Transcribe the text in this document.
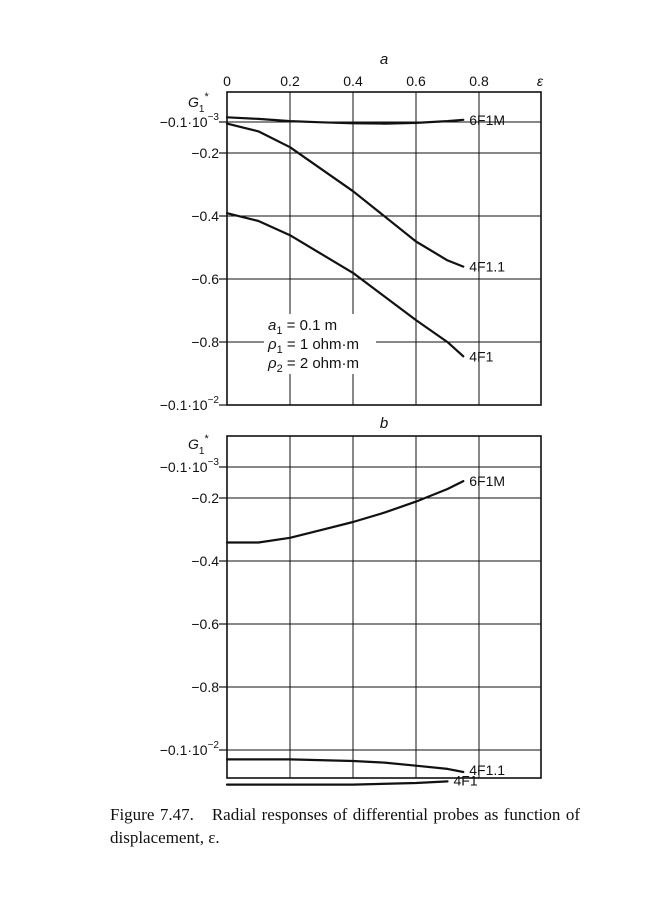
$-0.1\cdot 10^{-3}$
−0.2
−0.4
−0.6
−0.8
$-0.1\cdot 10^{-2}$
$G_1^*$
a
0	0.2	0.4	0.6	0.8	ε
6F1M
4F1.1
4F1
$a_1 = 0.1$ m
$\rho_1 = 1$ ohm·m
$\rho_2 = 2$ ohm·m
$-0.1\cdot 10^{-3}$
−0.2
−0.4
−0.6
−0.8
$-0.1\cdot 10^{-2}$
$G_1^*$
b
6F1M
4F1.1
4F1
Figure 7.47. Radial responses of differential probes as function of displacement, ε.
